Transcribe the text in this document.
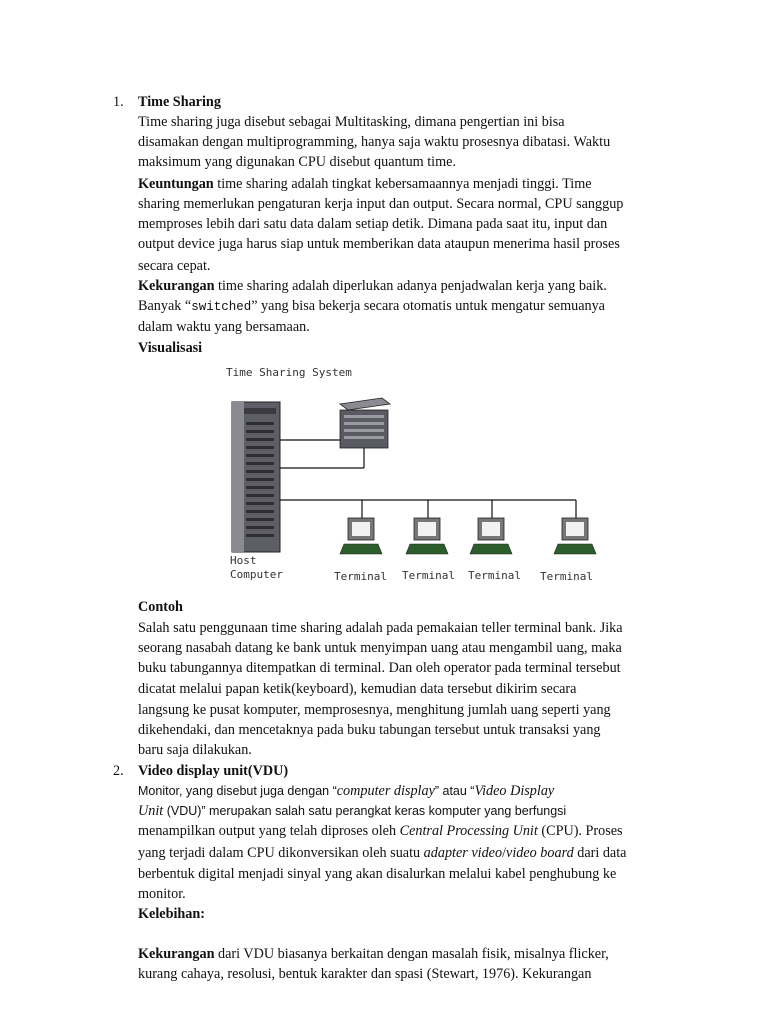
1. Time Sharing
Time sharing juga disebut sebagai Multitasking, dimana pengertian ini bisa
disamakan dengan multiprogramming, hanya saja waktu prosesnya dibatasi. Waktu
maksimum yang digunakan CPU disebut quantum time.
Keuntungan time sharing adalah tingkat kebersamaannya menjadi tinggi. Time
sharing memerlukan pengaturan kerja input dan output. Secara normal, CPU sanggup
memproses lebih dari satu data dalam setiap detik. Dimana pada saat itu, input dan
output device juga harus siap untuk memberikan data ataupun menerima hasil proses
secara cepat.
Kekurangan time sharing adalah diperlukan adanya penjadwalan kerja yang baik.
Banyak “switched” yang bisa bekerja secara otomatis untuk mengatur semuanya
dalam waktu yang bersamaan.
Visualisasi
Time Sharing System
Host
Computer	Terminal Terminal Terminal Terminal
Contoh
Salah satu penggunaan time sharing adalah pada pemakaian teller terminal bank. Jika
seorang nasabah datang ke bank untuk menyimpan uang atau mengambil uang, maka
buku tabungannya ditempatkan di terminal. Dan oleh operator pada terminal tersebut
dicatat melalui papan ketik(keyboard), kemudian data tersebut dikirim secara
langsung ke pusat komputer, memprosesnya, menghitung jumlah uang seperti yang
dikehendaki, dan mencetaknya pada buku tabungan tersebut untuk transaksi yang
baru saja dilakukan.
2. Video display unit(VDU)
Monitor, yang disebut juga dengan “computer display” atau “Video Display
Unit (VDU)” merupakan salah satu perangkat keras komputer yang berfungsi
menampilkan output yang telah diproses oleh Central Processing Unit (CPU). Proses
yang terjadi dalam CPU dikonversikan oleh suatu adapter video/video board dari data
berbentuk digital menjadi sinyal yang akan disalurkan melalui kabel penghubung ke
monitor.
Kelebihan:
Kekurangan dari VDU biasanya berkaitan dengan masalah fisik, misalnya flicker,
kurang cahaya, resolusi, bentuk karakter dan spasi (Stewart, 1976). Kekurangan
